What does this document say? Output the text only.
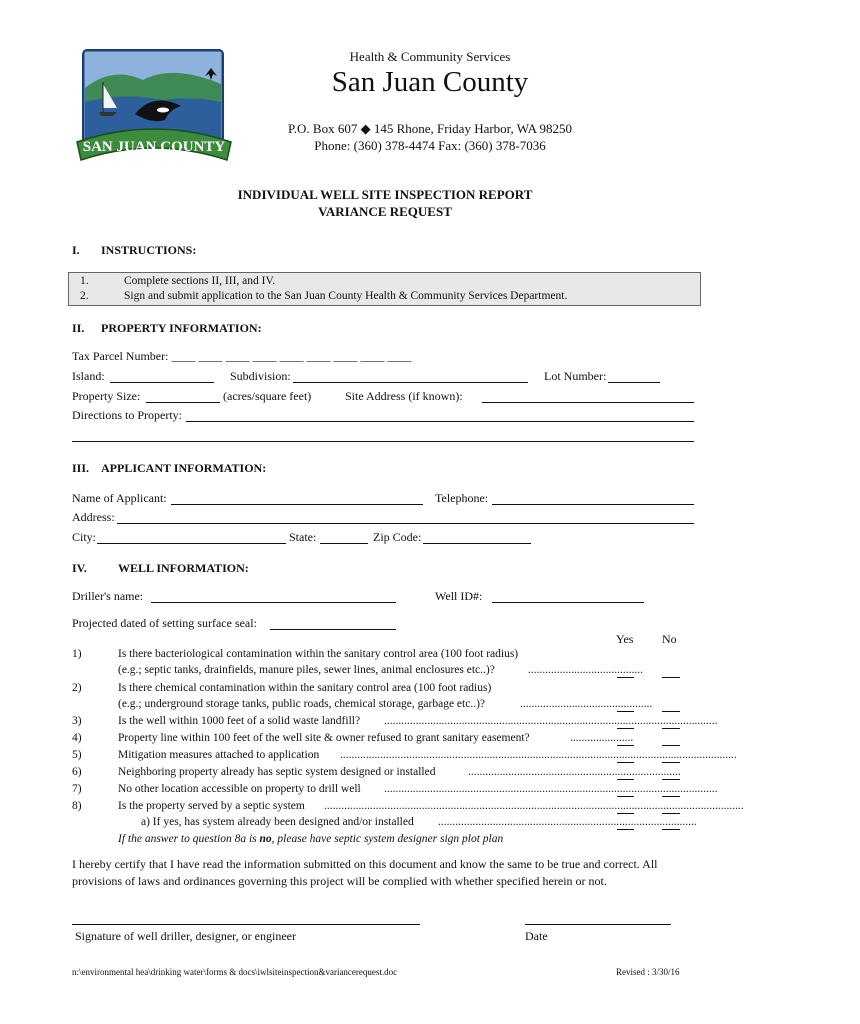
SAN JUAN COUNTY
WASHINGTON
Health & Community Services
San Juan County
P.O. Box 607 ◆ 145 Rhone, Friday Harbor, WA 98250
Phone: (360) 378-4474 Fax: (360) 378-7036
INDIVIDUAL WELL SITE INSPECTION REPORT
VARIANCE REQUEST
I. INSTRUCTIONS:
1.	Complete sections II, III, and IV.
2.	Sign and submit application to the San Juan County Health & Community Services Department.
II. PROPERTY INFORMATION:
Tax Parcel Number: ____ ____ ____ ____ ____ ____ ____ ____ ____
Island:	Subdivision:	Lot Number:
Property Size:	(acres/square feet)	Site Address (if known):
Directions to Property:
III. APPLICANT INFORMATION:
Name of Applicant:	Telephone:
Address:
City:	State:	Zip Code:
IV.	WELL INFORMATION:
Driller's name:	Well ID#:
Projected dated of setting surface seal:
Yes No
1)	Is there bacteriological contamination within the sanitary control area (100 foot radius)
(e.g.; septic tanks, drainfields, manure piles, sewer lines, animal enclosures etc..)?	........................................
2)	Is there chemical contamination within the sanitary control area (100 foot radius)
(e.g.; underground storage tanks, public roads, chemical storage, garbage etc..)?	..............................................
3)	Is the well within 1000 feet of a solid waste landfill? ....................................................................................................................
4)	Property line within 100 feet of the well site & owner refused to grant sanitary easement?	......................
5)	Mitigation measures attached to application ..........................................................................................................................................
6)	Neighboring property already has septic system designed or installed	..........................................................................
7)	No other location accessible on property to drill well ....................................................................................................................
8)	Is the property served by a septic system ..................................................................................................................................................
a) If yes, has system already been designed and/or installed ..........................................................................................
If the answer to question 8a is no, please have septic system designer sign plot plan
I hereby certify that I have read the information submitted on this document and know the same to be true and correct. All
provisions of laws and ordinances governing this project will be complied with whether specified herein or not.
Signature of well driller, designer, or engineer	Date
n:\environmental hea\drinking water\forms & docs\iwlsiteinspection&variancerequest.doc	Revised : 3/30/16
